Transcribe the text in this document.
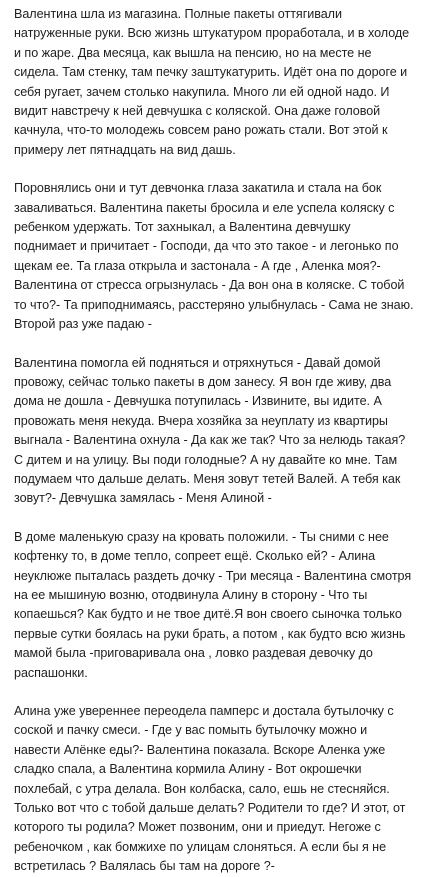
Валентина шла из магазина. Полные пакеты оттягивали натруженные руки. Всю жизнь штукатуром проработала, и в холоде и по жаре. Два месяца, как вышла на пенсию, но на месте не сидела. Там стенку, там печку заштукатурить. Идёт она по дороге и себя ругает, зачем столько накупила. Много ли ей одной надо. И видит навстречу к ней девчушка с коляской. Она даже головой качнула, что-то молодежь совсем рано рожать стали. Вот этой к примеру лет пятнадцать на вид дашь.

Поровнялись они и тут девчонка глаза закатила и стала на бок заваливаться. Валентина пакеты бросила и еле успела коляску с ребенком удержать. Тот захныкал, а Валентина девчушку поднимает и причитает - Господи, да что это такое - и легонько по щекам ее. Та глаза открыла и застонала - А где , Аленка моя?- Валентина от стресса огрызнулась - Да вон она в коляске. С тобой то что?- Та приподнимаясь, расстеряно улыбнулась - Сама не знаю. Второй раз уже падаю -

Валентина помогла ей подняться и отряхнуться - Давай домой провожу, сейчас только пакеты в дом занесу. Я вон где живу, два дома не дошла - Девчушка потупилась - Извините, вы идите. А провожать меня некуда. Вчера хозяйка за неуплату из квартиры выгнала - Валентина охнула - Да как же так? Что за нелюдь такая? С дитем и на улицу. Вы поди голодные? А ну давайте ко мне. Там подумаем что дальше делать. Меня зовут тетей Валей. А тебя как зовут?- Девчушка замялась - Меня Алиной -

В доме маленькую сразу на кровать положили. - Ты сними с нее кофтенку то, в доме тепло, сопреет ещё. Сколько ей? - Алина неуклюже пыталась раздеть дочку - Три месяца - Валентина смотря на ее мышиную возню, отодвинула Алину в сторону - Что ты копаешься? Как будто и не твое дитё.Я вон своего сыночка только первые сутки боялась на руки брать, а потом , как будто всю жизнь мамой была -приговаривала она , ловко раздевая девочку до распашонки.

Алина уже увереннее переодела памперс и достала бутылочку с соской и пачку смеси. - Где у вас помыть бутылочку можно и навести Алёнке еды?- Валентина показала. Вскоре Аленка уже сладко спала, а Валентина кормила Алину - Вот окрошечки похлебай, с утра делала. Вон колбаска, сало, ешь не стесняйся. Только вот что с тобой дальше делать? Родители то где? И этот, от которого ты родила? Может позвоним, они и приедут. Негоже с ребеночком , как бомжихе по улицам слоняться. А если бы я не встретилась ? Валялась бы там на дороге ?-
